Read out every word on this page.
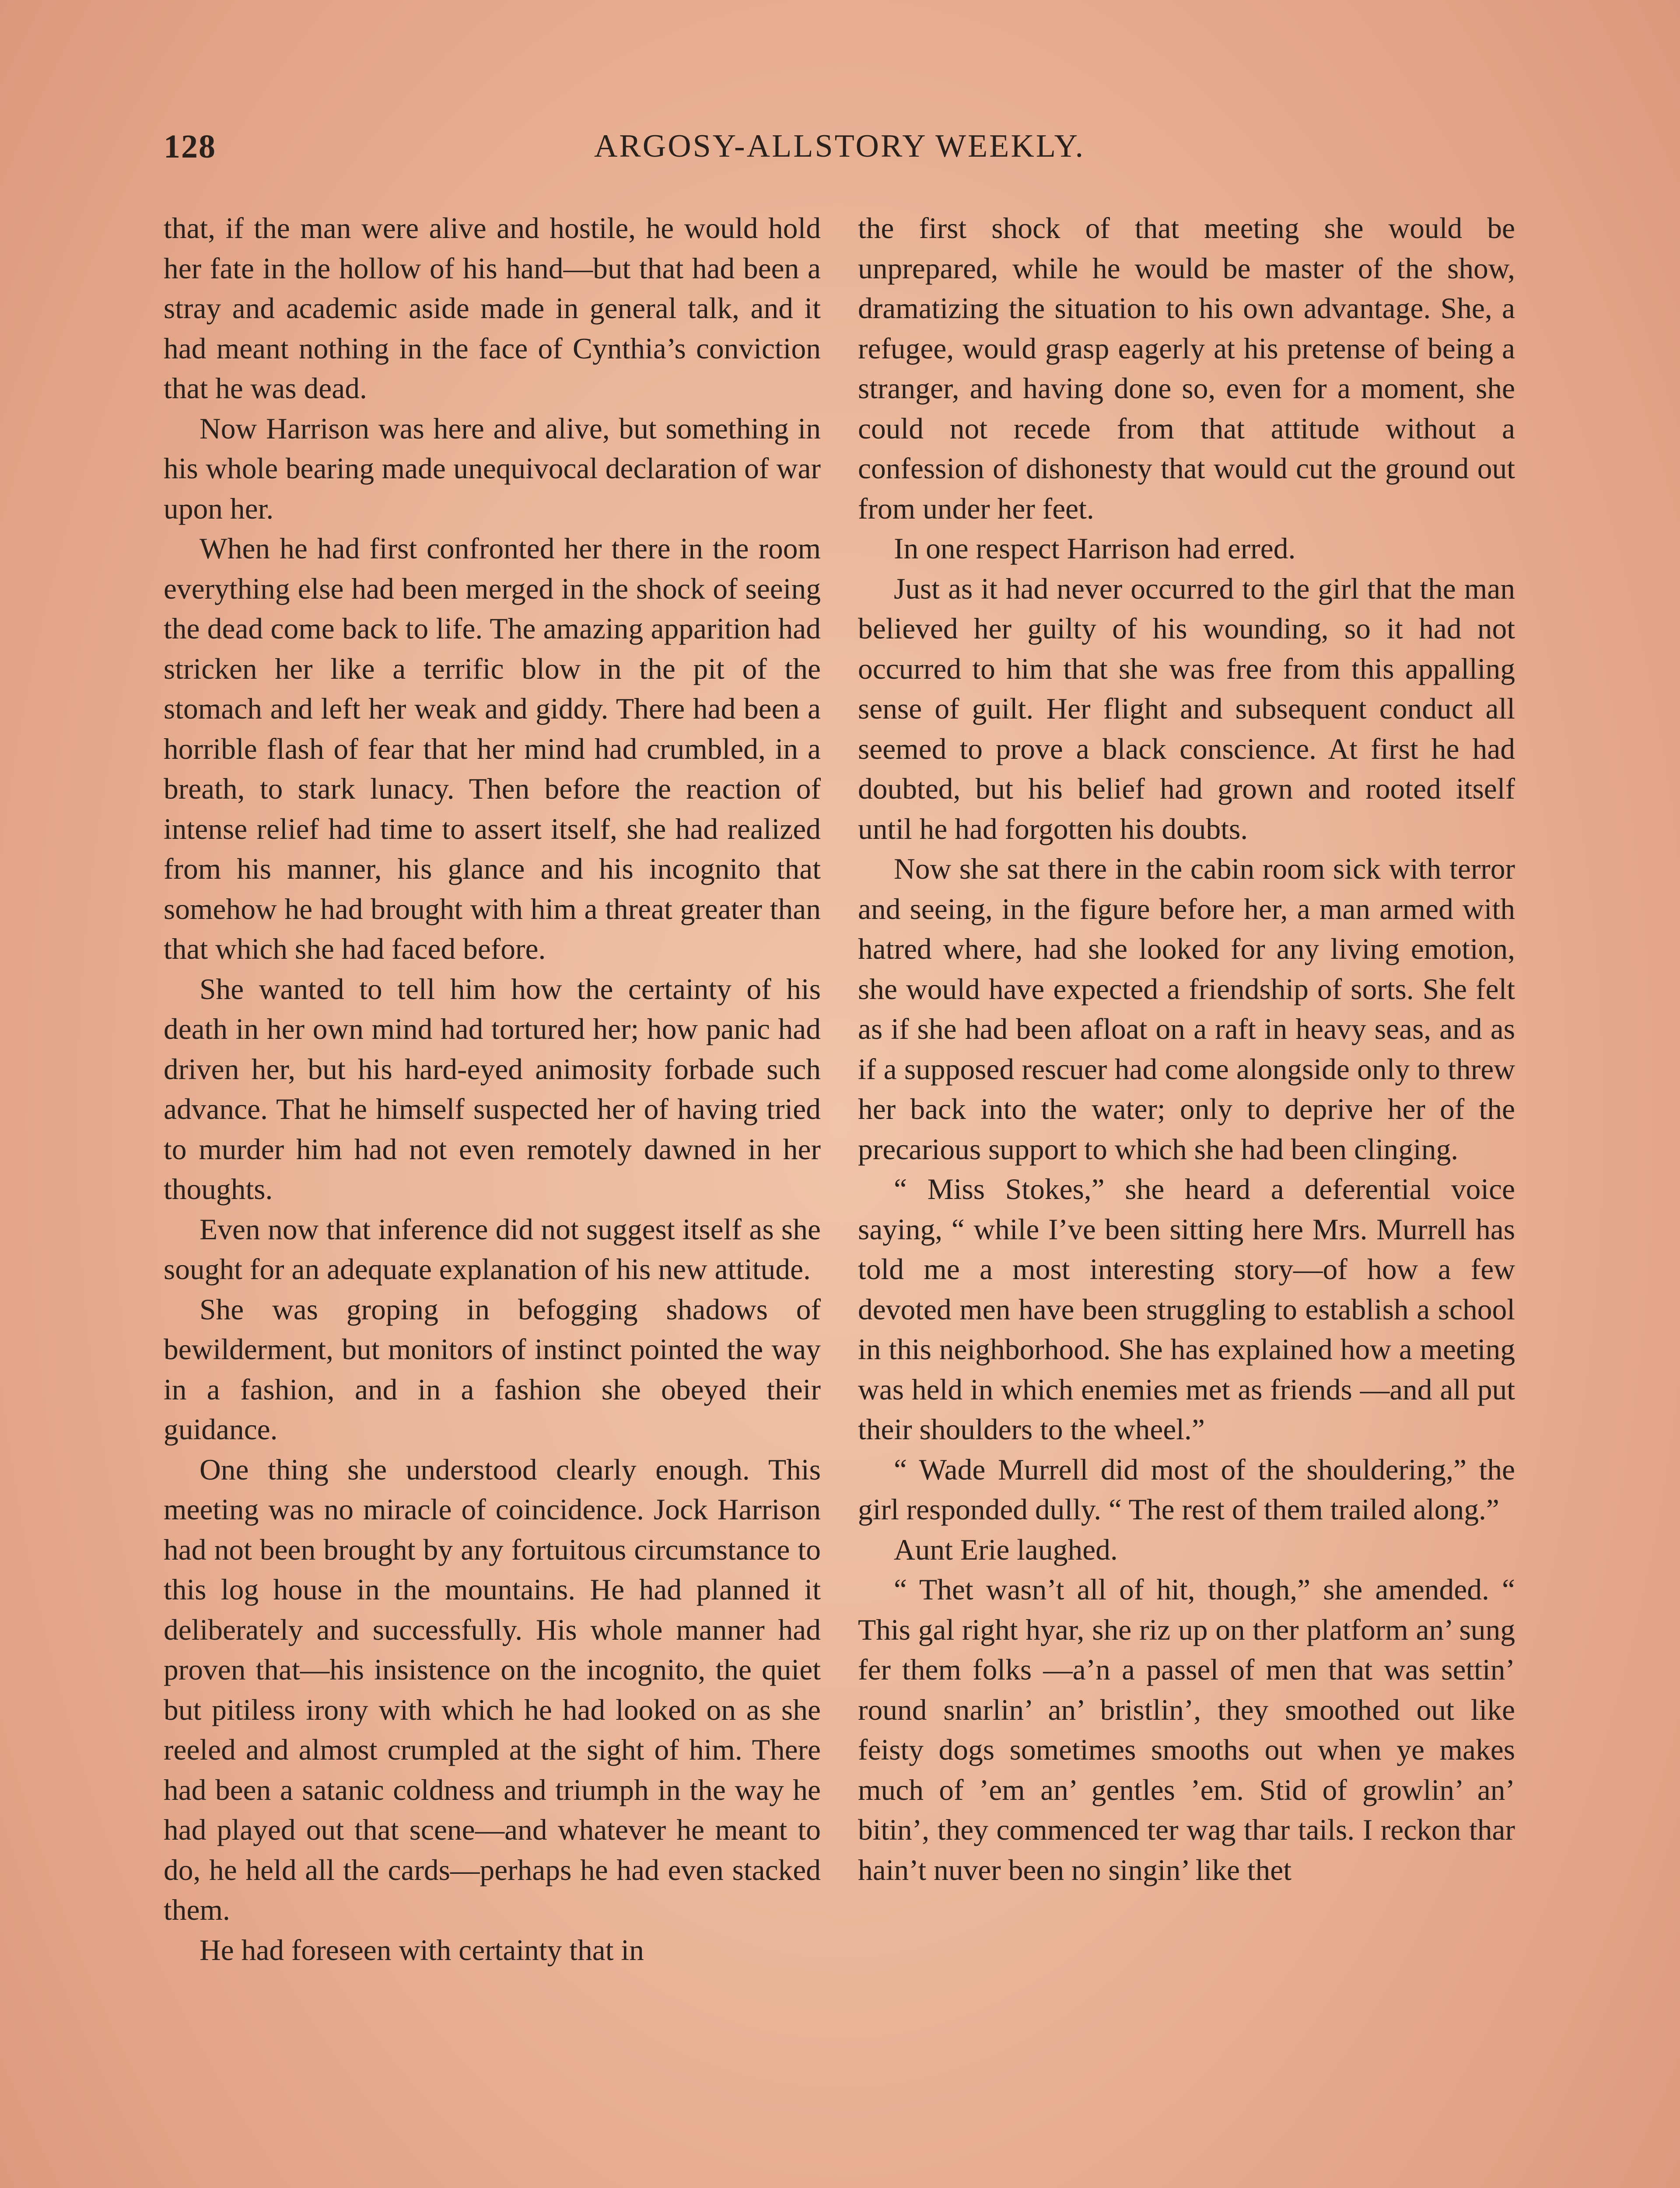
128	ARGOSY-ALLSTORY WEEKLY.

that, if the man were alive and hostile, he would hold her fate in the hollow of his hand—but that had been a stray and academic aside made in general talk, and it had meant nothing in the face of Cynthia’s conviction that he was dead.

Now Harrison was here and alive, but something in his whole bearing made unequivocal declaration of war upon her.

When he had first confronted her there in the room everything else had been merged in the shock of seeing the dead come back to life. The amazing apparition had stricken her like a terrific blow in the pit of the stomach and left her weak and giddy. There had been a horrible flash of fear that her mind had crumbled, in a breath, to stark lunacy. Then before the reaction of intense relief had time to assert itself, she had realized from his manner, his glance and his incognito that somehow he had brought with him a threat greater than that which she had faced before.

She wanted to tell him how the certainty of his death in her own mind had tortured her; how panic had driven her, but his hard-eyed animosity forbade such advance. That he himself suspected her of having tried to murder him had not even remotely dawned in her thoughts.

Even now that inference did not suggest itself as she sought for an adequate explanation of his new attitude.

She was groping in befogging shadows of bewilderment, but monitors of instinct pointed the way in a fashion, and in a fashion she obeyed their guidance.

One thing she understood clearly enough. This meeting was no miracle of coincidence. Jock Harrison had not been brought by any fortuitous circumstance to this log house in the mountains. He had planned it deliberately and successfully. His whole manner had proven that—his insistence on the incognito, the quiet but pitiless irony with which he had looked on as she reeled and almost crumpled at the sight of him. There had been a satanic coldness and triumph in the way he had played out that scene—and whatever he meant to do, he held all the cards—perhaps he had even stacked them.

He had foreseen with certainty that in

the first shock of that meeting she would be unprepared, while he would be master of the show, dramatizing the situation to his own advantage. She, a refugee, would grasp eagerly at his pretense of being a stranger, and having done so, even for a moment, she could not recede from that attitude without a confession of dishonesty that would cut the ground out from under her feet.

In one respect Harrison had erred.

Just as it had never occurred to the girl that the man believed her guilty of his wounding, so it had not occurred to him that she was free from this appalling sense of guilt. Her flight and subsequent conduct all seemed to prove a black conscience. At first he had doubted, but his belief had grown and rooted itself until he had forgotten his doubts.

Now she sat there in the cabin room sick with terror and seeing, in the figure before her, a man armed with hatred where, had she looked for any living emotion, she would have expected a friendship of sorts. She felt as if she had been afloat on a raft in heavy seas, and as if a supposed rescuer had come alongside only to threw her back into the water; only to deprive her of the precarious support to which she had been clinging.

“ Miss Stokes,” she heard a deferential voice saying, “ while I’ve been sitting here Mrs. Murrell has told me a most interesting story—of how a few devoted men have been struggling to establish a school in this neighborhood. She has explained how a meeting was held in which enemies met as friends —and all put their shoulders to the wheel.”

“ Wade Murrell did most of the shouldering,” the girl responded dully. “ The rest of them trailed along.”

Aunt Erie laughed.

“ Thet wasn’t all of hit, though,” she amended. “ This gal right hyar, she riz up on ther platform an’ sung fer them folks —a’n a passel of men that was settin’ round snarlin’ an’ bristlin’, they smoothed out like feisty dogs sometimes smooths out when ye makes much of ’em an’ gentles ’em. Stid of growlin’ an’ bitin’, they commenced ter wag thar tails. I reckon thar hain’t nuver been no singin’ like thet
